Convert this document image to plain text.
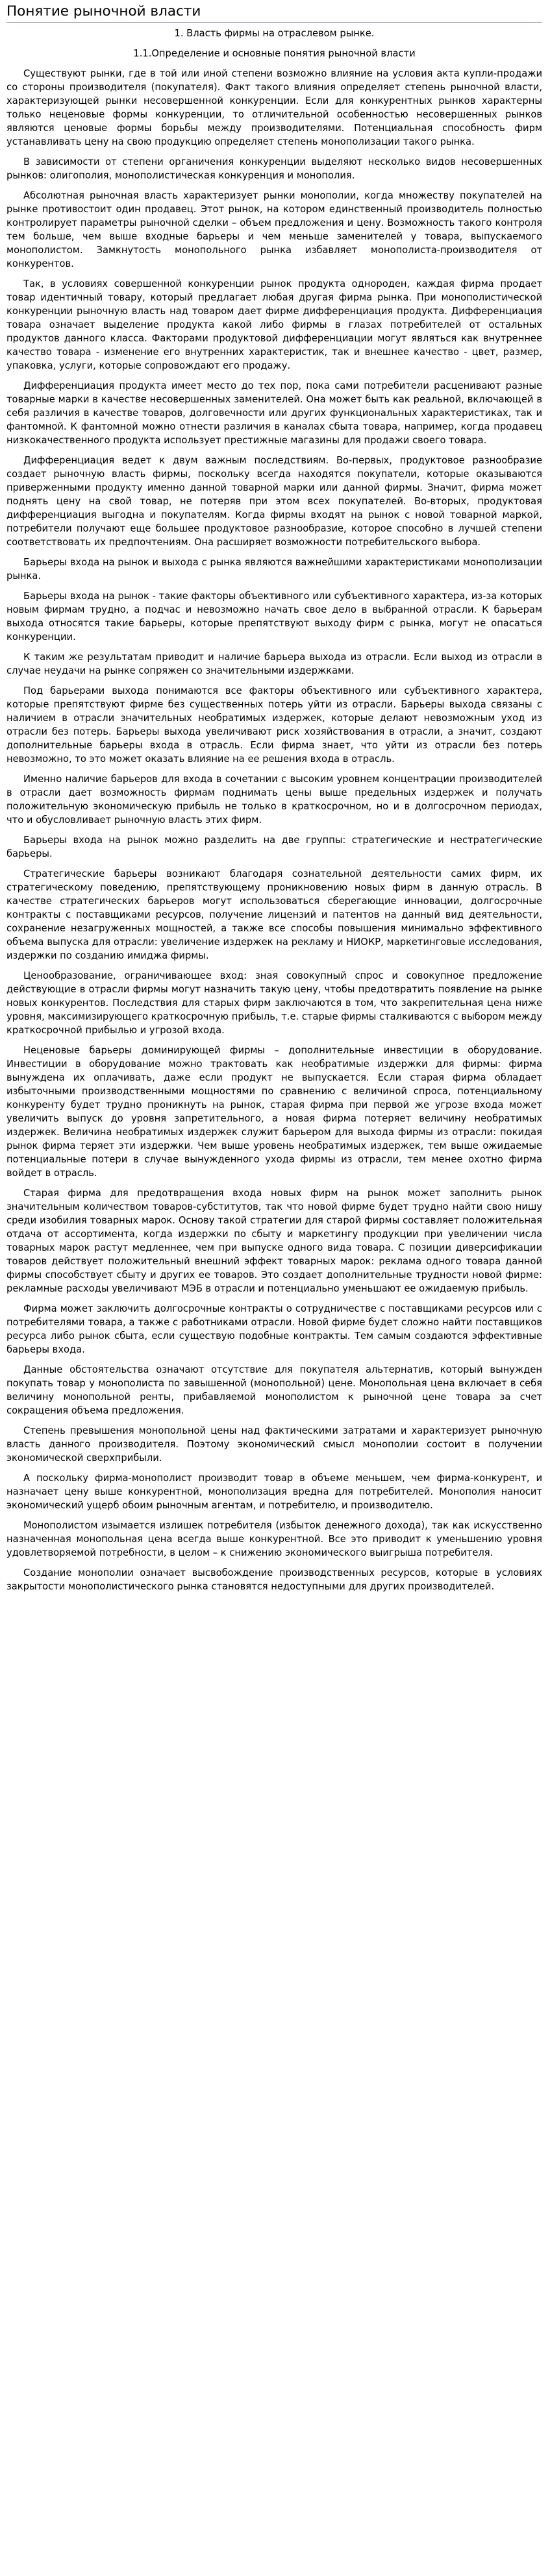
Понятие рыночной власти
1. Власть фирмы на отраслевом рынке.
1.1.Определение и основные понятия рыночной власти

Существуют рынки, где в той или иной степени возможно влияние на условия акта купли-продажи со стороны производителя (покупателя). Факт такого влияния определяет степень рыночной власти, характеризующей рынки несовершенной конкуренции. Если для конкурентных рынков характерны только неценовые формы конкуренции, то отличительной особенностью несовершенных рынков являются ценовые формы борьбы между производителями. Потенциальная способность фирм устанавливать цену на свою продукцию определяет степень монополизации такого рынка.

В зависимости от степени органичения конкуренции выделяют несколько видов несовершенных рынков: олигополия, монополистическая конкуренция и монополия.

Абсолютная рыночная власть характеризует рынки монополии, когда множеству покупателей на рынке противостоит один продавец. Этот рынок, на котором единственный производитель полностью контролирует параметры рыночной сделки – объем предложения и цену. Возможность такого контроля тем больше, чем выше входные барьеры и чем меньше заменителей у товара, выпускаемого монополистом. Замкнутость монопольного рынка избавляет монополиста-производителя от конкурентов.

Так, в условиях совершенной конкуренции рынок продукта однороден, каждая фирма продает товар идентичный товару, который предлагает любая другая фирма рынка. При монополистической конкуренции рыночную власть над товаром дает фирме дифференциация продукта. Дифференциация товара означает выделение продукта какой либо фирмы в глазах потребителей от остальных продуктов данного класса. Факторами продуктовой дифференциации могут являться как внутреннее качество товара - изменение его внутренних характеристик, так и внешнее качество - цвет, размер, упаковка, услуги, которые сопровождают его продажу.

Дифференциация продукта имеет место до тех пор, пока сами потребители расценивают разные товарные марки в качестве несовершенных заменителей. Она может быть как реальной, включающей в себя различия в качестве товаров, долговечности или других функциональных характеристиках, так и фантомной. К фантомной можно отнести различия в каналах сбыта товара, например, когда продавец низкокачественного продукта использует престижные магазины для продажи своего товара.

Дифференциация ведет к двум важным последствиям. Во-первых, продуктовое разнообразие создает рыночную власть фирмы, поскольку всегда находятся покупатели, которые оказываются приверженными продукту именно данной товарной марки или данной фирмы. Значит, фирма может поднять цену на свой товар, не потеряв при этом всех покупателей. Во-вторых, продуктовая дифференциация выгодна и покупателям. Когда фирмы входят на рынок с новой товарной маркой, потребители получают еще большее продуктовое разнообразие, которое способно в лучшей степени соответствовать их предпочтениям. Она расширяет возможности потребительского выбора.

Барьеры входа на рынок и выхода с рынка являются важнейшими характеристиками монополизации рынка.

Барьеры входа на рынок - такие факторы объективного или субъективного характера, из-за которых новым фирмам трудно, а подчас и невозможно начать свое дело в выбранной отрасли. К барьерам выхода относятся такие барьеры, которые препятствуют выходу фирм с рынка, могут не опасаться конкуренции.

К таким же результатам приводит и наличие барьера выхода из отрасли. Если выход из отрасли в случае неудачи на рынке сопряжен со значительными издержками.

Под барьерами выхода понимаются все факторы объективного или субъективного характера, которые препятствуют фирме без существенных потерь уйти из отрасли. Барьеры выхода связаны с наличием в отрасли значительных необратимых издержек, которые делают невозможным уход из отрасли без потерь. Барьеры выхода увеличивают риск хозяйствования в отрасли, а значит, создают дополнительные барьеры входа в отрасль. Если фирма знает, что уйти из отрасли без потерь невозможно, то это может оказать влияние на ее решения входа в отрасль.

Именно наличие барьеров для входа в сочетании с высоким уровнем концентрации производителей в отрасли дает возможность фирмам поднимать цены выше предельных издержек и получать положительную экономическую прибыль не только в краткосрочном, но и в долгосрочном периодах, что и обусловливает рыночную власть этих фирм.

Барьеры входа на рынок можно разделить на две группы: стратегические и нестратегические барьеры.

Стратегические барьеры возникают благодаря сознательной деятельности самих фирм, их стратегическому поведению, препятствующему проникновению новых фирм в данную отрасль. В качестве стратегических барьеров могут использоваться сберегающие инновации, долгосрочные контракты с поставщиками ресурсов, получение лицензий и патентов на данный вид деятельности, сохранение незагруженных мощностей, а также все способы повышения минимально эффективного объема выпуска для отрасли: увеличение издержек на рекламу и НИОКР, маркетинговые исследования, издержки по созданию имиджа фирмы.

Ценообразование, ограничивающее вход: зная совокупный спрос и совокупное предложение действующие в отрасли фирмы могут назначить такую цену, чтобы предотвратить появление на рынке новых конкурентов. Последствия для старых фирм заключаются в том, что закрепительная цена ниже уровня, максимизирующего краткосрочную прибыль, т.е. старые фирмы сталкиваются с выбором между краткосрочной прибылью и угрозой входа.

Неценовые барьеры доминирующей фирмы – дополнительные инвестиции в оборудование. Инвестиции в оборудование можно трактовать как необратимые издержки для фирмы: фирма вынуждена их оплачивать, даже если продукт не выпускается. Если старая фирма обладает избыточными производственными мощностями по сравнению с величиной спроса, потенциальному конкуренту будет трудно проникнуть на рынок, старая фирма при первой же угрозе входа может увеличить выпуск до уровня запретительного, а новая фирма потеряет величину необратимых издержек. Величина необратимых издержек служит барьером для выхода фирмы из отрасли: покидая рынок фирма теряет эти издержки. Чем выше уровень необратимых издержек, тем выше ожидаемые потенциальные потери в случае вынужденного ухода фирмы из отрасли, тем менее охотно фирма войдет в отрасль.

Старая фирма для предотвращения входа новых фирм на рынок может заполнить рынок значительным количеством товаров-субститутов, так что новой фирме будет трудно найти свою нишу среди изобилия товарных марок. Основу такой стратегии для старой фирмы составляет положительная отдача от ассортимента, когда издержки по сбыту и маркетингу продукции при увеличении числа товарных марок растут медленнее, чем при выпуске одного вида товара. С позиции диверсификации товаров действует положительный внешний эффект товарных марок: реклама одного товара данной фирмы способствует сбыту и других ее товаров. Это создает дополнительные трудности новой фирме: рекламные расходы увеличивают МЭБ в отрасли и потенциально уменьшают ее ожидаемую прибыль.

Фирма может заключить долгосрочные контракты о сотрудничестве с поставщиками ресурсов или с потребителями товара, а также с работниками отрасли. Новой фирме будет сложно найти поставщиков ресурса либо рынок сбыта, если существую подобные контракты. Тем самым создаются эффективные барьеры входа.

Данные обстоятельства означают отсутствие для покупателя альтернатив, который вынужден покупать товар у монополиста по завышенной (монопольной) цене. Монопольная цена включает в себя величину монопольной ренты, прибавляемой монополистом к рыночной цене товара за счет сокращения объема предложения.

Степень превышения монопольной цены над фактическими затратами и характеризует рыночную власть данного производителя. Поэтому экономический смысл монополии состоит в получении экономической сверхприбыли.

А поскольку фирма-монополист производит товар в объеме меньшем, чем фирма-конкурент, и назначает цену выше конкурентной, монополизация вредна для потребителей. Монополия наносит экономический ущерб обоим рыночным агентам, и потребителю, и производителю.

Монополистом изымается излишек потребителя (избыток денежного дохода), так как искусственно назначенная монопольная цена всегда выше конкурентной. Все это приводит к уменьшению уровня удовлетворяемой потребности, в целом – к снижению экономического выигрыша потребителя.

Создание монополии означает высвобождение производственных ресурсов, которые в условиях закрытости монополистического рынка становятся недоступными для других производителей.
